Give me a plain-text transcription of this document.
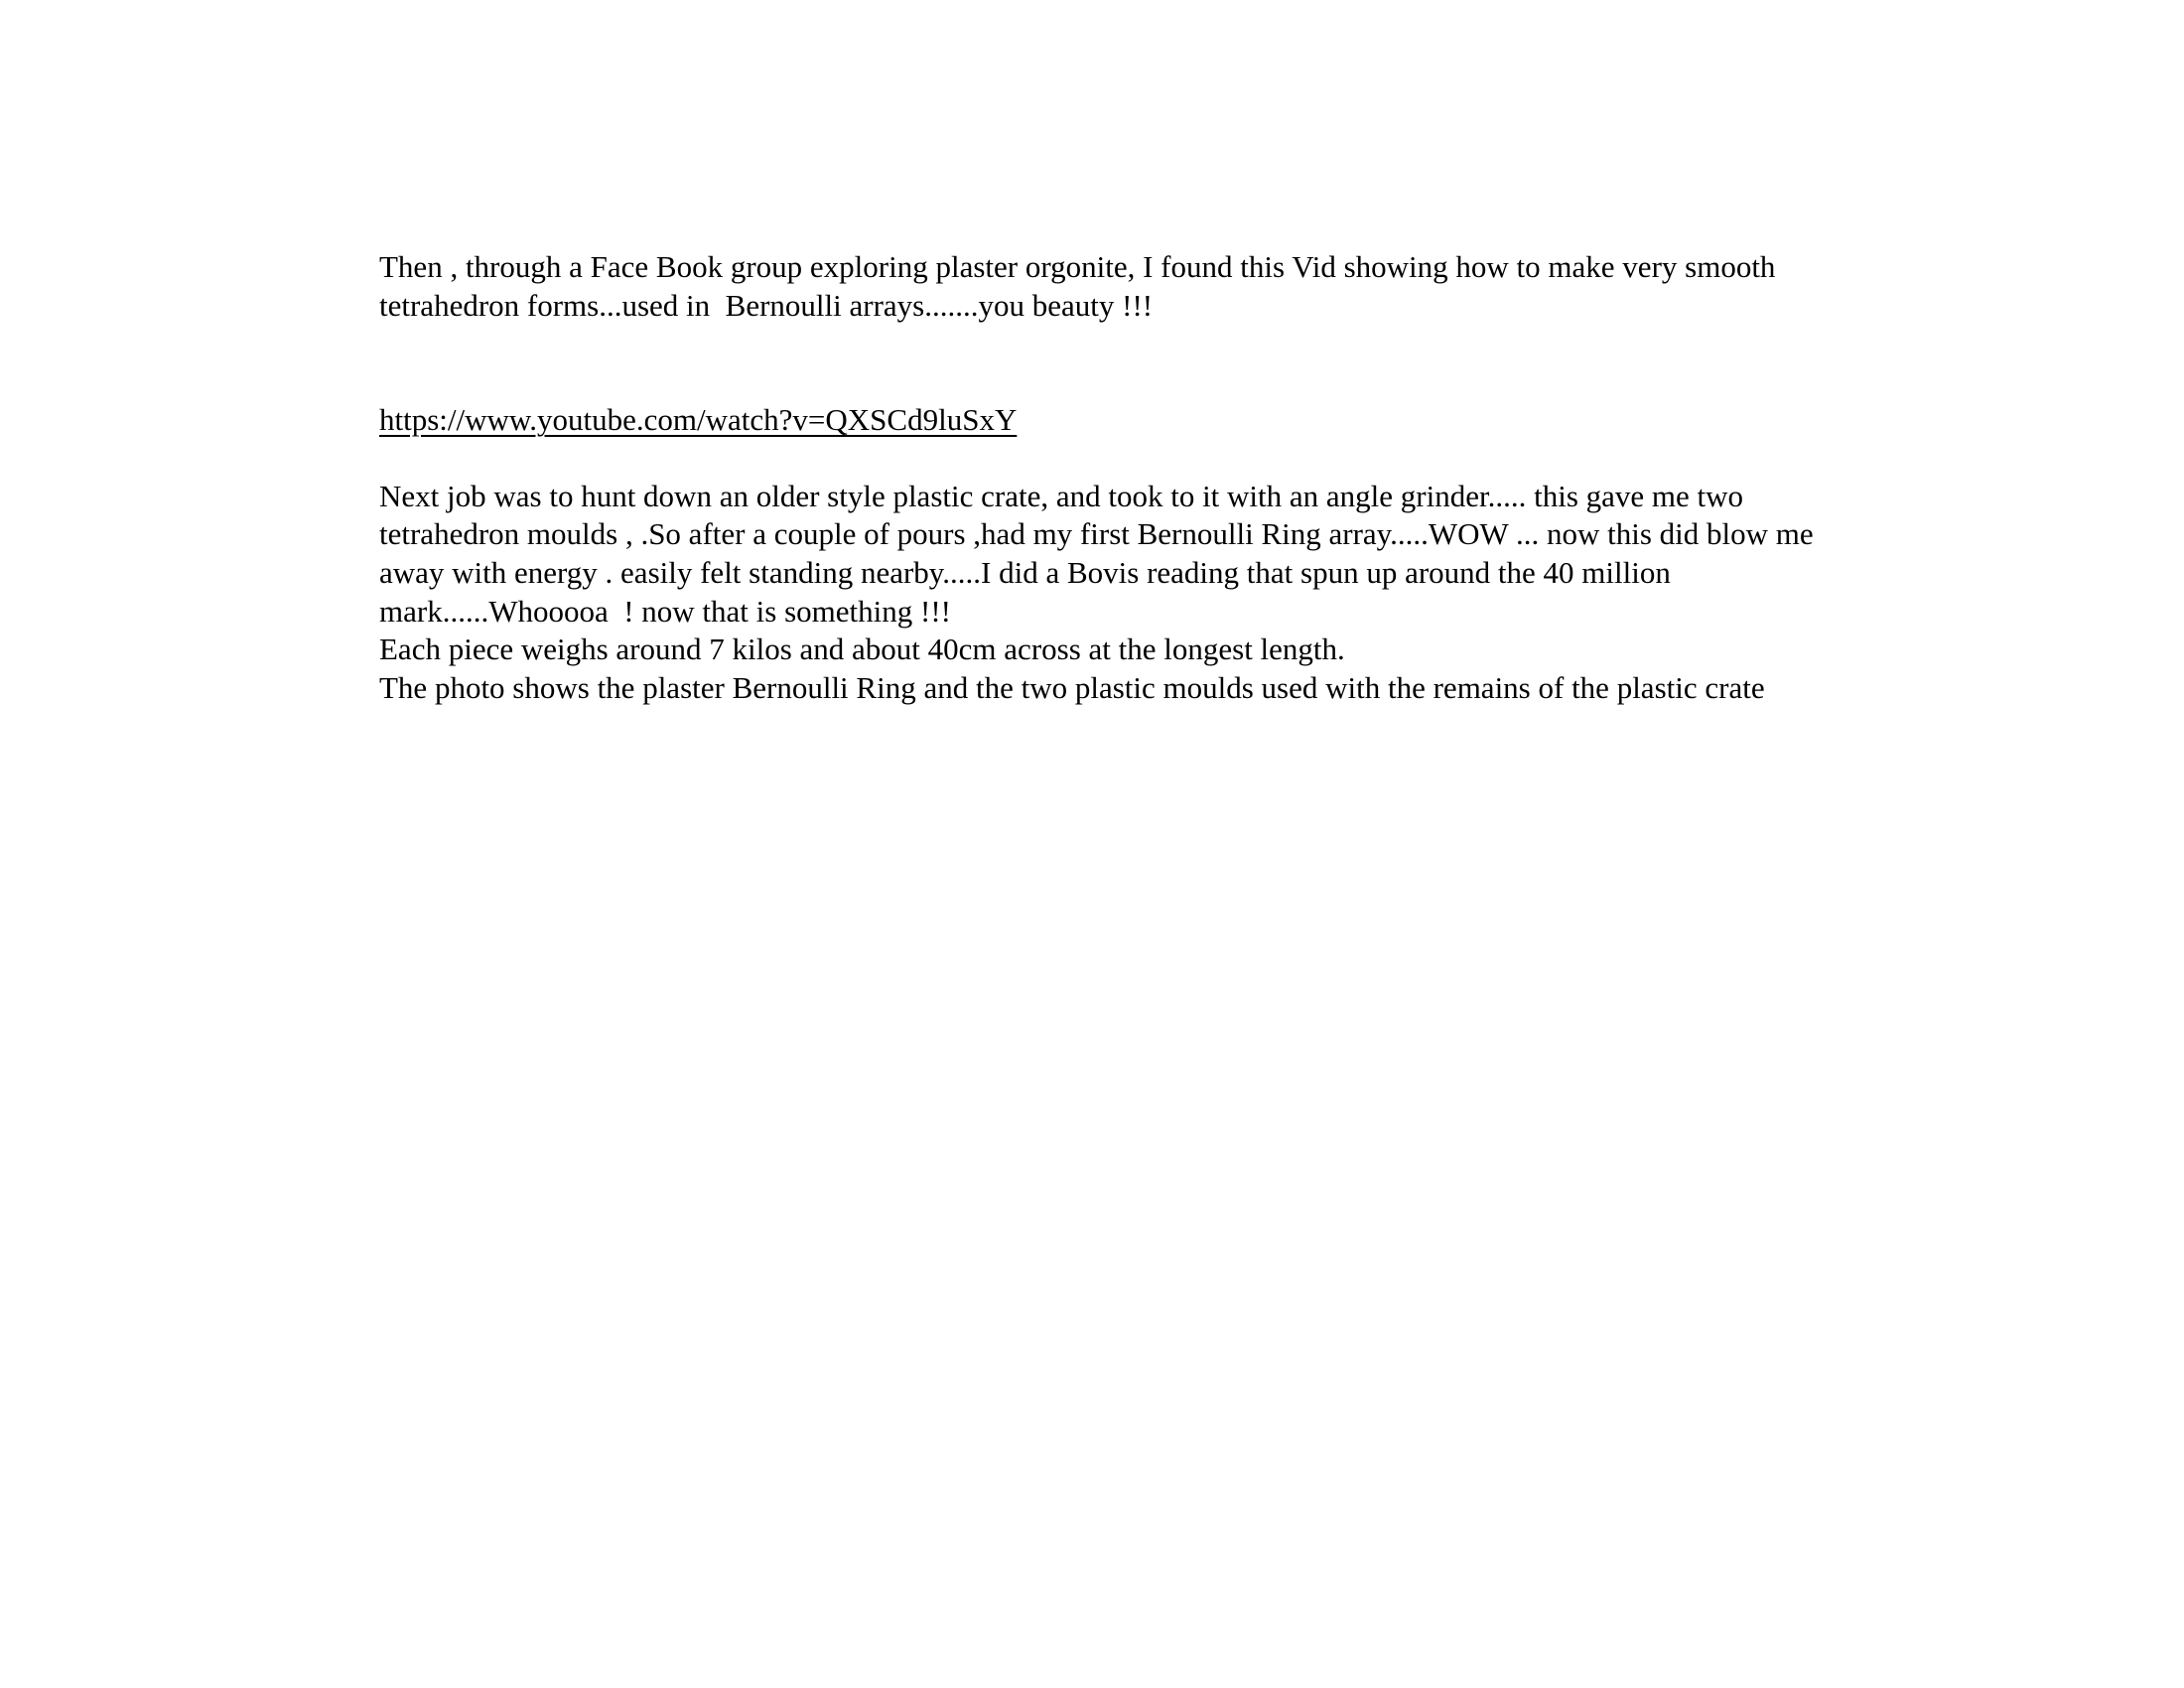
Then , through a Face Book group exploring plaster orgonite, I found this Vid showing how to make very smooth
tetrahedron forms...used in  Bernoulli arrays.......you beauty !!!
https://www.youtube.com/watch?v=QXSCd9luSxY
Next job was to hunt down an older style plastic crate, and took to it with an angle grinder..... this gave me two
tetrahedron moulds , .So after a couple of pours ,had my first Bernoulli Ring array.....WOW ... now this did blow me
away with energy . easily felt standing nearby.....I did a Bovis reading that spun up around the 40 million
mark......Whooooa  ! now that is something !!!
Each piece weighs around 7 kilos and about 40cm across at the longest length.
The photo shows the plaster Bernoulli Ring and the two plastic moulds used with the remains of the plastic crate
